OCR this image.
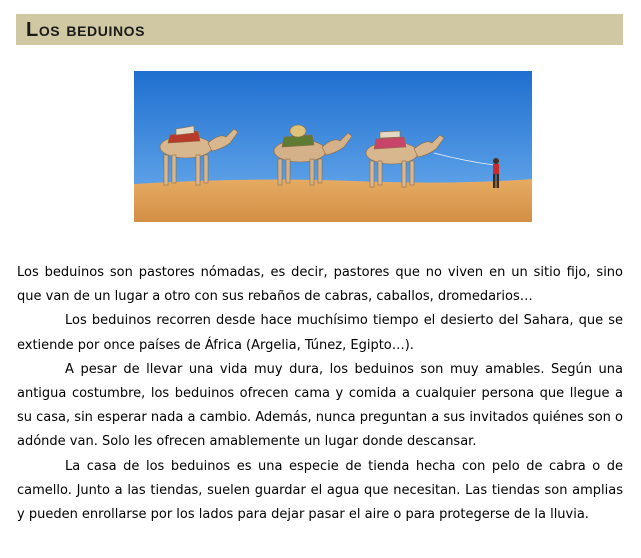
Los beduinos

Los beduinos son pastores nómadas, es decir, pastores que no viven en un sitio fijo, sino que van de un lugar a otro con sus rebaños de cabras, caballos, dromedarios…

Los beduinos recorren desde hace muchísimo tiempo el desierto del Sahara, que se extiende por once países de África (Argelia, Túnez, Egipto…).

A pesar de llevar una vida muy dura, los beduinos son muy amables. Según una antigua costumbre, los beduinos ofrecen cama y comida a cualquier persona que llegue a su casa, sin esperar nada a cambio. Además, nunca preguntan a sus invitados quiénes son o adónde van. Solo les ofrecen amablemente un lugar donde descansar.

La casa de los beduinos es una especie de tienda hecha con pelo de cabra o de camello. Junto a las tiendas, suelen guardar el agua que necesitan. Las tiendas son amplias y pueden enrollarse por los lados para dejar pasar el aire o para protegerse de la lluvia.
